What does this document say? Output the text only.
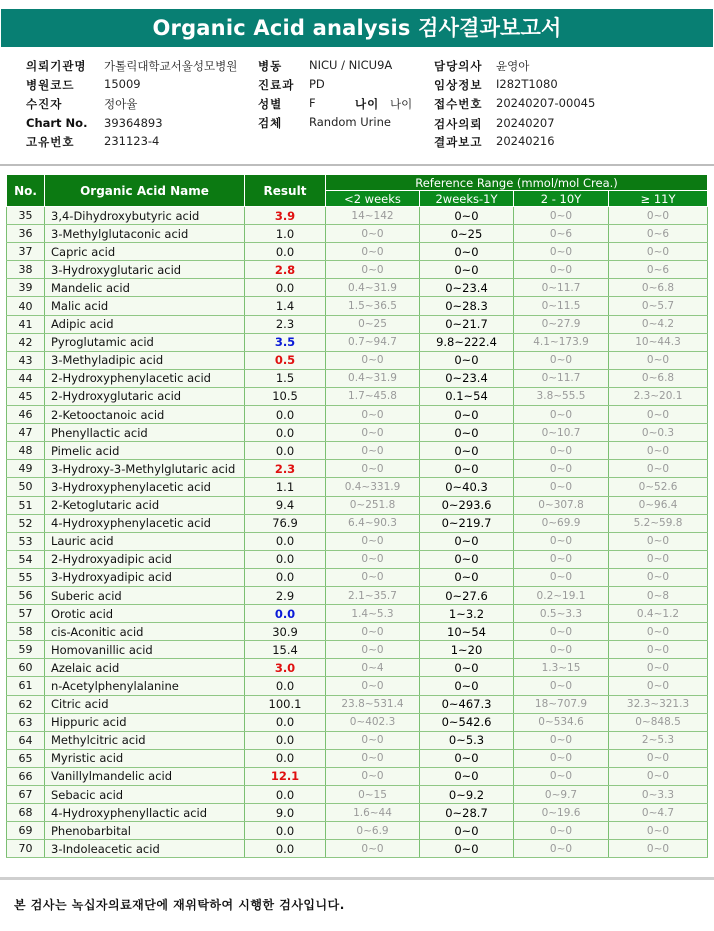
Organic Acid analysis 검사결과보고서
의뢰기관명 가톨릭대학교서울성모병원
병원코드	15009
수진자	정아율
Chart No. 39364893
고유번호	231123-4
병동 NICU / NICU9A
진료과 PD
성별 F	나이 나이
검체 Random Urine
담당의사 윤영아
임상정보 I282T1080
접수번호 20240207-00045
검사의뢰 20240207
결과보고 20240216
No.	Organic Acid Name	Result	Reference Range (mmol/mol Crea.)			
			<2 weeks	2weeks-1Y	2 - 10Y	≥ 11Y
35	3,4-Dihydroxybutyric acid	3.9	14~142	0~0	0~0	0~0
36	3-Methylglutaconic acid	1.0	0~0	0~25	0~6	0~6
37	Capric acid	0.0	0~0	0~0	0~0	0~0
38	3-Hydroxyglutaric acid	2.8	0~0	0~0	0~0	0~6
39	Mandelic acid	0.0	0.4~31.9	0~23.4	0~11.7	0~6.8
40	Malic acid	1.4	1.5~36.5	0~28.3	0~11.5	0~5.7
41	Adipic acid	2.3	0~25	0~21.7	0~27.9	0~4.2
42	Pyroglutamic acid	3.5	0.7~94.7	9.8~222.4	4.1~173.9	10~44.3
43	3-Methyladipic acid	0.5	0~0	0~0	0~0	0~0
44	2-Hydroxyphenylacetic acid	1.5	0.4~31.9	0~23.4	0~11.7	0~6.8
45	2-Hydroxyglutaric acid	10.5	1.7~45.8	0.1~54	3.8~55.5	2.3~20.1
46	2-Ketooctanoic acid	0.0	0~0	0~0	0~0	0~0
47	Phenyllactic acid	0.0	0~0	0~0	0~10.7	0~0.3
48	Pimelic acid	0.0	0~0	0~0	0~0	0~0
49	3-Hydroxy-3-Methylglutaric acid	2.3	0~0	0~0	0~0	0~0
50	3-Hydroxyphenylacetic acid	1.1	0.4~331.9	0~40.3	0~0	0~52.6
51	2-Ketoglutaric acid	9.4	0~251.8	0~293.6	0~307.8	0~96.4
52	4-Hydroxyphenylacetic acid	76.9	6.4~90.3	0~219.7	0~69.9	5.2~59.8
53	Lauric acid	0.0	0~0	0~0	0~0	0~0
54	2-Hydroxyadipic acid	0.0	0~0	0~0	0~0	0~0
55	3-Hydroxyadipic acid	0.0	0~0	0~0	0~0	0~0
56	Suberic acid	2.9	2.1~35.7	0~27.6	0.2~19.1	0~8
57	Orotic acid	0.0	1.4~5.3	1~3.2	0.5~3.3	0.4~1.2
58	cis-Aconitic acid	30.9	0~0	10~54	0~0	0~0
59	Homovanillic acid	15.4	0~0	1~20	0~0	0~0
60	Azelaic acid	3.0	0~4	0~0	1.3~15	0~0
61	n-Acetylphenylalanine	0.0	0~0	0~0	0~0	0~0
62	Citric acid	100.1	23.8~531.4	0~467.3	18~707.9	32.3~321.3
63	Hippuric acid	0.0	0~402.3	0~542.6	0~534.6	0~848.5
64	Methylcitric acid	0.0	0~0	0~5.3	0~0	2~5.3
65	Myristic acid	0.0	0~0	0~0	0~0	0~0
66	Vanillylmandelic acid	12.1	0~0	0~0	0~0	0~0
67	Sebacic acid	0.0	0~15	0~9.2	0~9.7	0~3.3
68	4-Hydroxyphenyllactic acid	9.0	1.6~44	0~28.7	0~19.6	0~4.7
69	Phenobarbital	0.0	0~6.9	0~0	0~0	0~0
70	3-Indoleacetic acid	0.0	0~0	0~0	0~0	0~0
본 검사는 녹십자의료재단에 재위탁하여 시행한 검사입니다.
